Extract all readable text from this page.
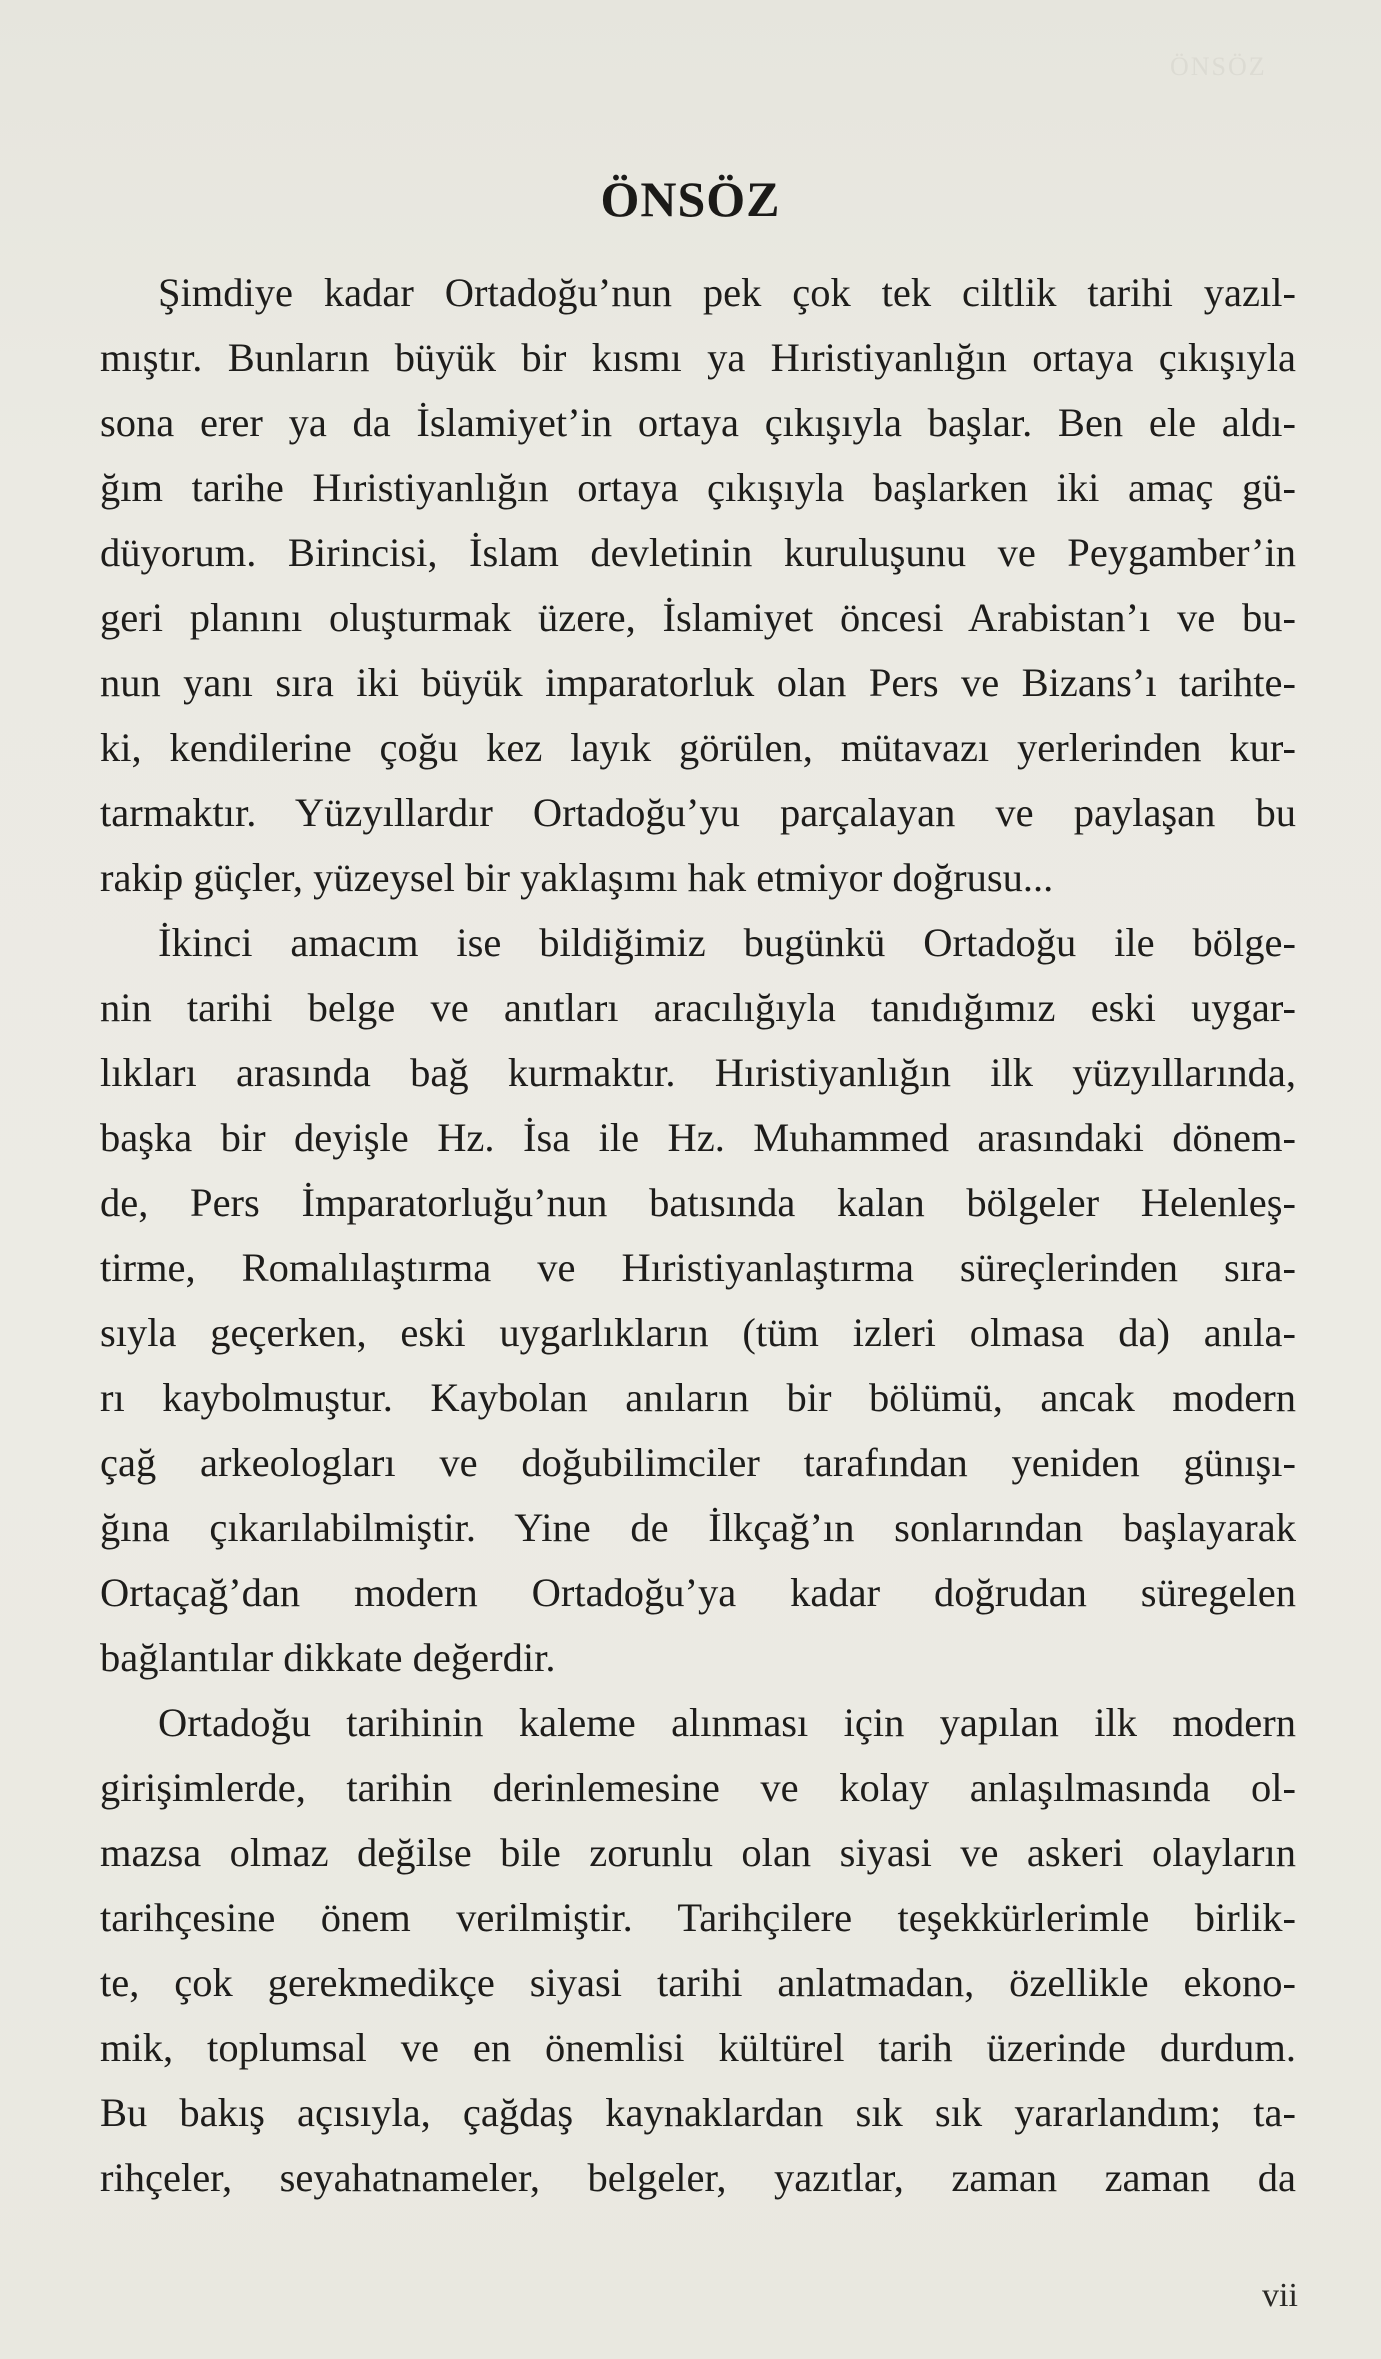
ÖNSÖZ
ÖNSÖZ
Şimdiye kadar Ortadoğu’nun pek çok tek ciltlik tarihi yazıl-
mıştır. Bunların büyük bir kısmı ya Hıristiyanlığın ortaya çıkışıyla
sona erer ya da İslamiyet’in ortaya çıkışıyla başlar. Ben ele aldı-
ğım tarihe Hıristiyanlığın ortaya çıkışıyla başlarken iki amaç gü-
düyorum. Birincisi, İslam devletinin kuruluşunu ve Peygamber’in
geri planını oluşturmak üzere, İslamiyet öncesi Arabistan’ı ve bu-
nun yanı sıra iki büyük imparatorluk olan Pers ve Bizans’ı tarihte-
ki, kendilerine çoğu kez layık görülen, mütavazı yerlerinden kur-
tarmaktır. Yüzyıllardır Ortadoğu’yu parçalayan ve paylaşan bu
rakip güçler, yüzeysel bir yaklaşımı hak etmiyor doğrusu...
İkinci amacım ise bildiğimiz bugünkü Ortadoğu ile bölge-
nin tarihi belge ve anıtları aracılığıyla tanıdığımız eski uygar-
lıkları arasında bağ kurmaktır. Hıristiyanlığın ilk yüzyıllarında,
başka bir deyişle Hz. İsa ile Hz. Muhammed arasındaki dönem-
de, Pers İmparatorluğu’nun batısında kalan bölgeler Helenleş-
tirme, Romalılaştırma ve Hıristiyanlaştırma süreçlerinden sıra-
sıyla geçerken, eski uygarlıkların (tüm izleri olmasa da) anıla-
rı kaybolmuştur. Kaybolan anıların bir bölümü, ancak modern
çağ arkeologları ve doğubilimciler tarafından yeniden günışı-
ğına çıkarılabilmiştir. Yine de İlkçağ’ın sonlarından başlayarak
Ortaçağ’dan modern Ortadoğu’ya kadar doğrudan süregelen
bağlantılar dikkate değerdir.
Ortadoğu tarihinin kaleme alınması için yapılan ilk modern
girişimlerde, tarihin derinlemesine ve kolay anlaşılmasında ol-
mazsa olmaz değilse bile zorunlu olan siyasi ve askeri olayların
tarihçesine önem verilmiştir. Tarihçilere teşekkürlerimle birlik-
te, çok gerekmedikçe siyasi tarihi anlatmadan, özellikle ekono-
mik, toplumsal ve en önemlisi kültürel tarih üzerinde durdum.
Bu bakış açısıyla, çağdaş kaynaklardan sık sık yararlandım; ta-
rihçeler, seyahatnameler, belgeler, yazıtlar, zaman zaman da
vii
